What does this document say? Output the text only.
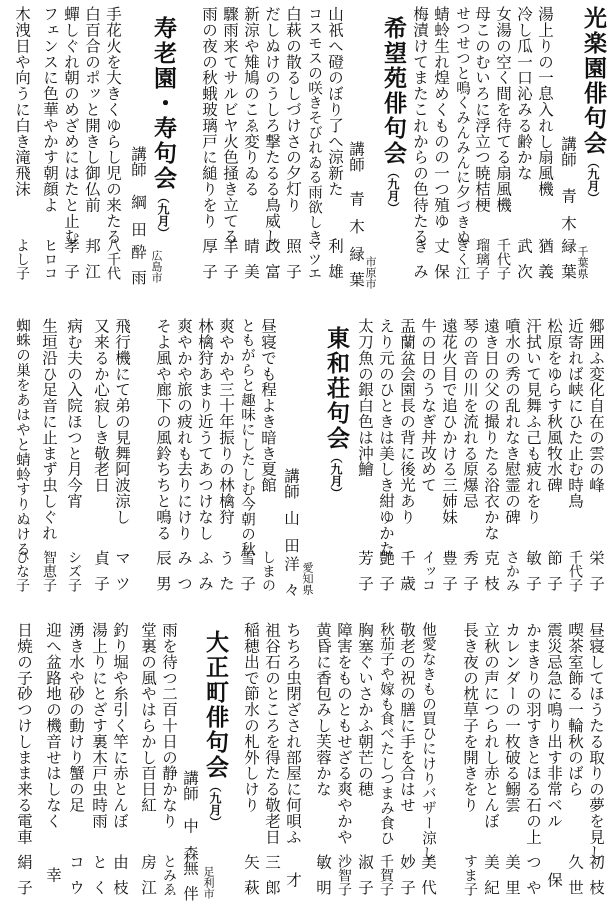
光楽園俳句会（九月）
講師
青木
緑葉 千葉県
湯上りの一息入れし扇風機
猶義
冷し瓜一口沁みる齢かな
武次
女湯の空く間を待てる扇風機
千代子
母このむいろに浮立つ暁桔梗
瑠璃子
せつせつと鳴くみんみんに夕づきぬ
きく江
蜻蛉生れ煌めくものの一つ殖ゆ
丈保
梅漬けてまたこれからの色待たる
きみ
希望苑俳句会（九月）
講師
青木
緑葉 市原市
山祇へ磴のぼり了へ涼新た
利雄
コスモスの咲きそびれゐる雨欲しき
マツエ
白萩の散るしづけさの夕灯り
照子
だしぬけのうしろ撃たるる鳥威し
政富
新涼や雉鳩のこゑ変りゐる
晴美
驟雨来てサルビヤ火色掻き立てる
羊子
雨の夜の秋蛾玻璃戸に縋りをり
厚子
寿老園・寿句会（九月）
講師
綱田
酔雨 広島市
手花火を大きくゆらし児の来たる
八千代
白百合のポッと開きし御仏前
邦江
蟬しぐれ朝のめざめにはたと止む
孝子
フェンスに色華やかす朝顔よ
ヒロコ
木洩日や向うに白き滝飛沫
よし子
郷囲ふ変化自在の雲の峰
栄子
近寄れば峡にひた止む時鳥
千代子
松原をゆらす秋風牧水碑
節子
汗拭いて見舞ふ己も疲れをり
敏子
噴水の秀の乱れなき慰霊の碑
さかみ
遠き日の父の撮りたる浴衣かな
克枝
琴の音の川を流れる原爆忌
秀子
遠花火目で追ひかける三姉妹
豊子
牛の日のうなぎ丼改めて
イッコ
盂蘭盆会園長の背に後光あり
千歳
えり元のひときは美しき紺ゆかた
艶子
太刀魚の銀白色は沖鱠
芳子
東和荘句会（九月）
講師
山田
洋々 愛知県
昼寝でも程よき暗き夏館
しまの
ともがらと趣味にしたしむ今朝の秋
雪子
爽やかや三十年振りの林檎狩
うた
林檎狩あまり近うてあつけなし
ふみ
爽やかや旅の疲れも去りにけり
みつ
そよ風や廊下の風鈴ちちと鳴る
辰男
飛行機にて弟の見舞阿波涼し
マツ
又来るか心寂しき敬老日
貞子
病む夫の入院ほつと月今宵
シズ子
生垣沿ひ足音に止まず虫しぐれ
智恵子
蜘蛛の巣をあはやと蜻蛉すりぬける
ひな子
昼寝してほうたる取りの夢を見し
初枝
喫茶室飾る一輪秋のばら
久世
震災忌急に鳴り出す非常ベル
保
かまきりの羽すきとほる石の上
つや
カレンダーの一枚破る鰯雲
美里
立秋の声につられし赤とんぼ
美紀
長き夜の枕草子を開きをり
すま子
他愛なきもの買ひにけりバザー涼し
美代
敬老の祝の膳に手を合はせ
妙子
秋茄子や嫁も食べたしつまみ食ひ
千賀子
胸塞ぐいさかふ朝芒の穂
淑子
障害をものともせざる爽やかや
沙智子
黄昏に香包みし芙蓉かな
敏明
ちちろ虫閉ざされ部屋に何唄ふ
才
祖谷石のところを得たる敬老日
三郎
稲穂出で節水の札外しけり
矢萩
大正町俳句会（九月）
講師
中森
無伴 足利市
雨を待つ二百十日の静かなり
とみゑ
堂裏の風やはらかし百日紅
房江
釣り堀や糸引く竿に赤とんぼ
由枝
湯上りにとざす裏木戸虫時雨
とく
湧き水や砂の動けり蟹の足
コウ
迎へ盆路地の機音せはしなく
幸
日焼の子砂つけしまま来る電車
絹子
